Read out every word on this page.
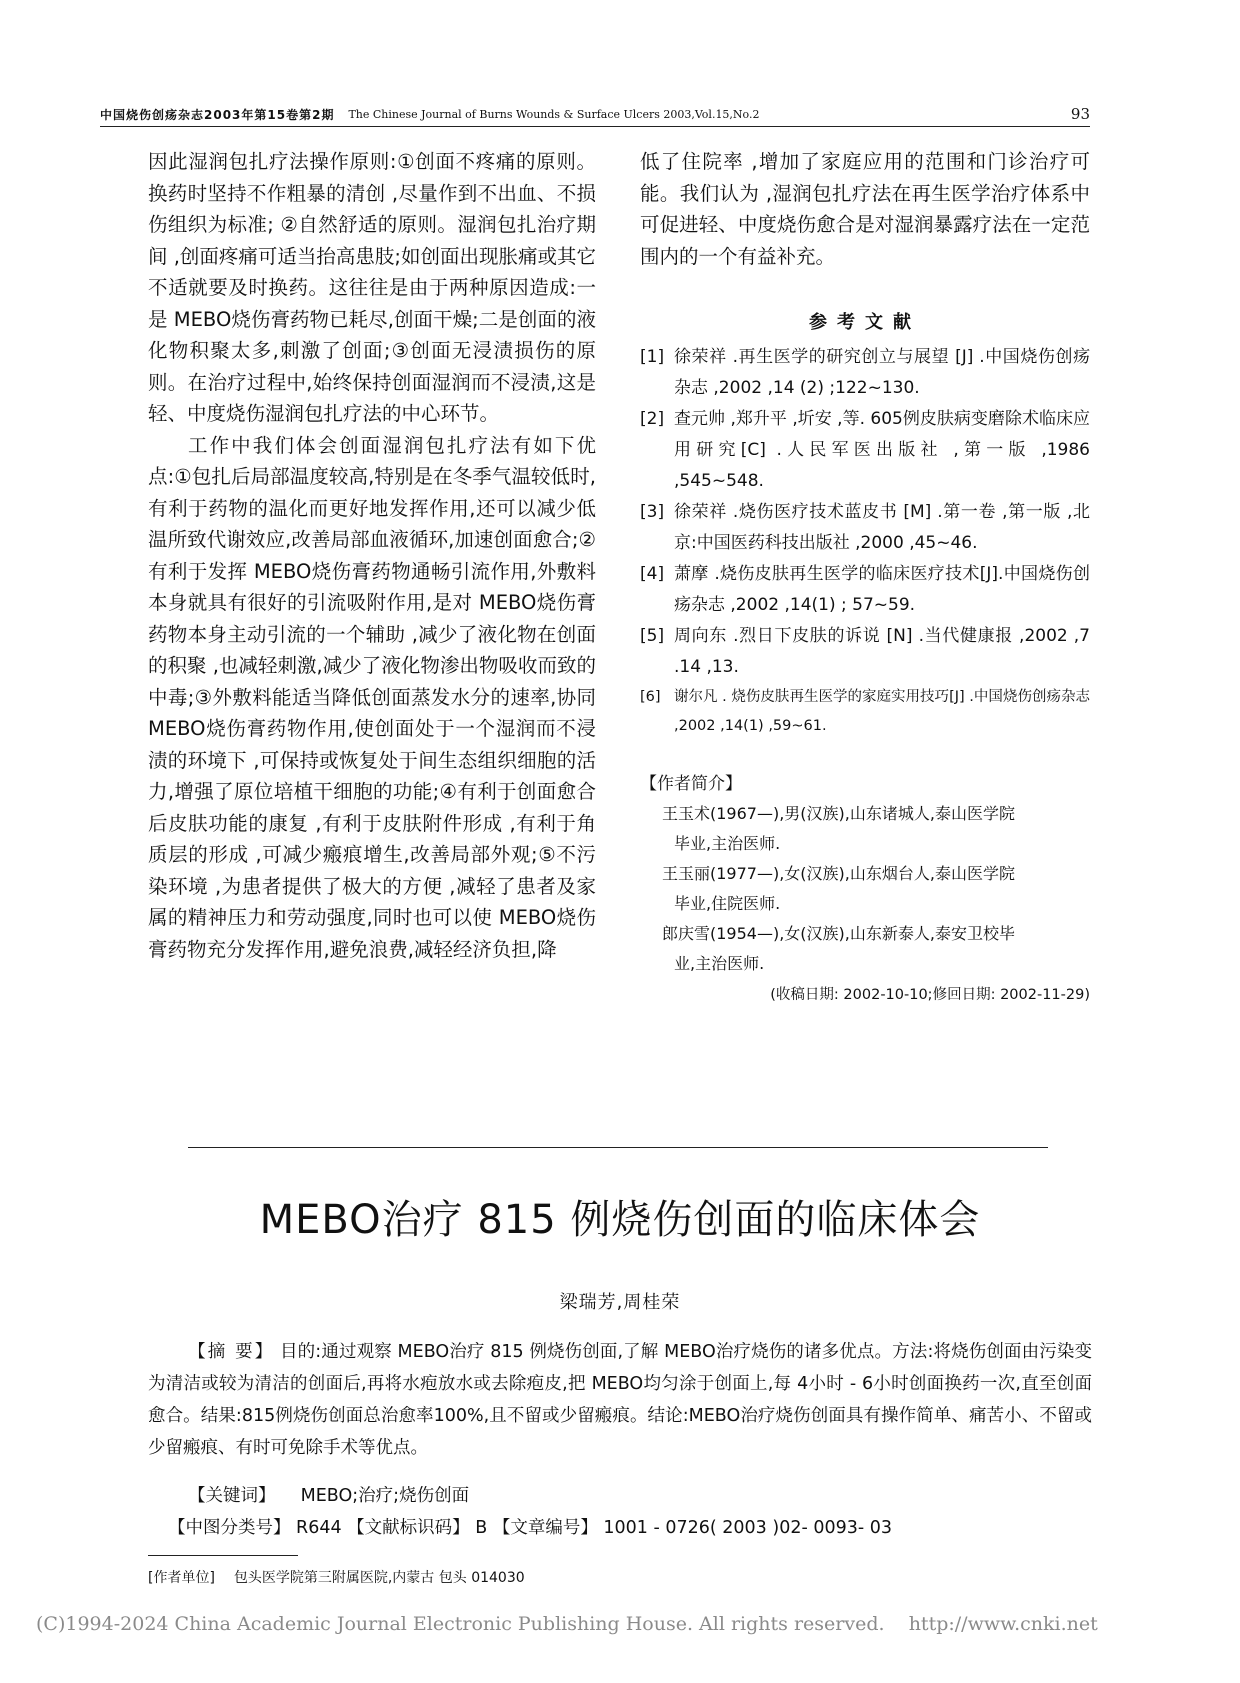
中国烧伤创疡杂志2003年第15卷第2期 The Chinese Journal of Burns Wounds & Surface Ulcers 2003,Vol.15,No.2	93

因此湿润包扎疗法操作原则:①创面不疼痛的原则。换药时坚持不作粗暴的清创 ,尽量作到不出血、不损伤组织为标准; ②自然舒适的原则。湿润包扎治疗期间 ,创面疼痛可适当抬高患肢;如创面出现胀痛或其它不适就要及时换药。这往往是由于两种原因造成:一是 MEBO烧伤膏药物已耗尽,创面干燥;二是创面的液化物积聚太多,刺激了创面;③创面无浸渍损伤的原则。在治疗过程中,始终保持创面湿润而不浸渍,这是轻、中度烧伤湿润包扎疗法的中心环节。

工作中我们体会创面湿润包扎疗法有如下优点:①包扎后局部温度较高,特别是在冬季气温较低时,有利于药物的温化而更好地发挥作用,还可以减少低温所致代谢效应,改善局部血液循环,加速创面愈合;②有利于发挥 MEBO烧伤膏药物通畅引流作用,外敷料本身就具有很好的引流吸附作用,是对 MEBO烧伤膏药物本身主动引流的一个辅助 ,减少了液化物在创面的积聚 ,也减轻刺激,减少了液化物渗出物吸收而致的中毒;③外敷料能适当降低创面蒸发水分的速率,协同 MEBO烧伤膏药物作用,使创面处于一个湿润而不浸渍的环境下 ,可保持或恢复处于间生态组织细胞的活力,增强了原位培植干细胞的功能;④有利于创面愈合后皮肤功能的康复 ,有利于皮肤附件形成 ,有利于角质层的形成 ,可减少瘢痕增生,改善局部外观;⑤不污染环境 ,为患者提供了极大的方便 ,减轻了患者及家属的精神压力和劳动强度,同时也可以使 MEBO烧伤膏药物充分发挥作用,避免浪费,减轻经济负担,降

低了住院率 ,增加了家庭应用的范围和门诊治疗可能。我们认为 ,湿润包扎疗法在再生医学治疗体系中可促进轻、中度烧伤愈合是对湿润暴露疗法在一定范围内的一个有益补充。

参考文献
[1] 徐荣祥 .再生医学的研究创立与展望 [J] .中国烧伤创疡杂志 ,2002 ,14 (2) ;122~130.
[2] 查元帅 ,郑升平 ,圻安 ,等. 605例皮肤病变磨除术临床应用研究[C] .人民军医出版社 ,第一版 ,1986 ,545~548.
[3] 徐荣祥 .烧伤医疗技术蓝皮书 [M] .第一卷 ,第一版 ,北京:中国医药科技出版社 ,2000 ,45~46.
[4] 萧摩 .烧伤皮肤再生医学的临床医疗技术[J].中国烧伤创疡杂志 ,2002 ,14(1) ; 57~59.
[5] 周向东 .烈日下皮肤的诉说 [N] .当代健康报 ,2002 ,7 .14 ,13.
[6] 谢尔凡 . 烧伤皮肤再生医学的家庭实用技巧[J] .中国烧伤创疡杂志 ,2002 ,14(1) ,59~61.
【作者简介】
王玉术(1967—),男(汉族),山东诸城人,泰山医学院
毕业,主治医师.
王玉丽(1977—),女(汉族),山东烟台人,泰山医学院
毕业,住院医师.
郎庆雪(1954—),女(汉族),山东新泰人,泰安卫校毕
业,主治医师.
(收稿日期: 2002-10-10;修回日期: 2002-11-29)
MEBO治疗 815 例烧伤创面的临床体会
梁瑞芳,周桂荣
【摘 要】 目的:通过观察 MEBO治疗 815 例烧伤创面,了解 MEBO治疗烧伤的诸多优点。方法:将烧伤创面由污染变为清洁或较为清洁的创面后,再将水疱放水或去除疱皮,把 MEBO均匀涂于创面上,每 4小时 - 6小时创面换药一次,直至创面愈合。结果:815例烧伤创面总治愈率100%,且不留或少留瘢痕。结论:MEBO治疗烧伤创面具有操作简单、痛苦小、不留或少留瘢痕、有时可免除手术等优点。
【关键词】 MEBO;治疗;烧伤创面
【中图分类号】 R644 【文献标识码】 B 【文章编号】 1001 - 0726( 2003 )02- 0093- 03
[作者单位] 包头医学院第三附属医院,内蒙古 包头 014030
(C)1994-2024 China Academic Journal Electronic Publishing House. All rights reserved.    http://www.cnki.net
